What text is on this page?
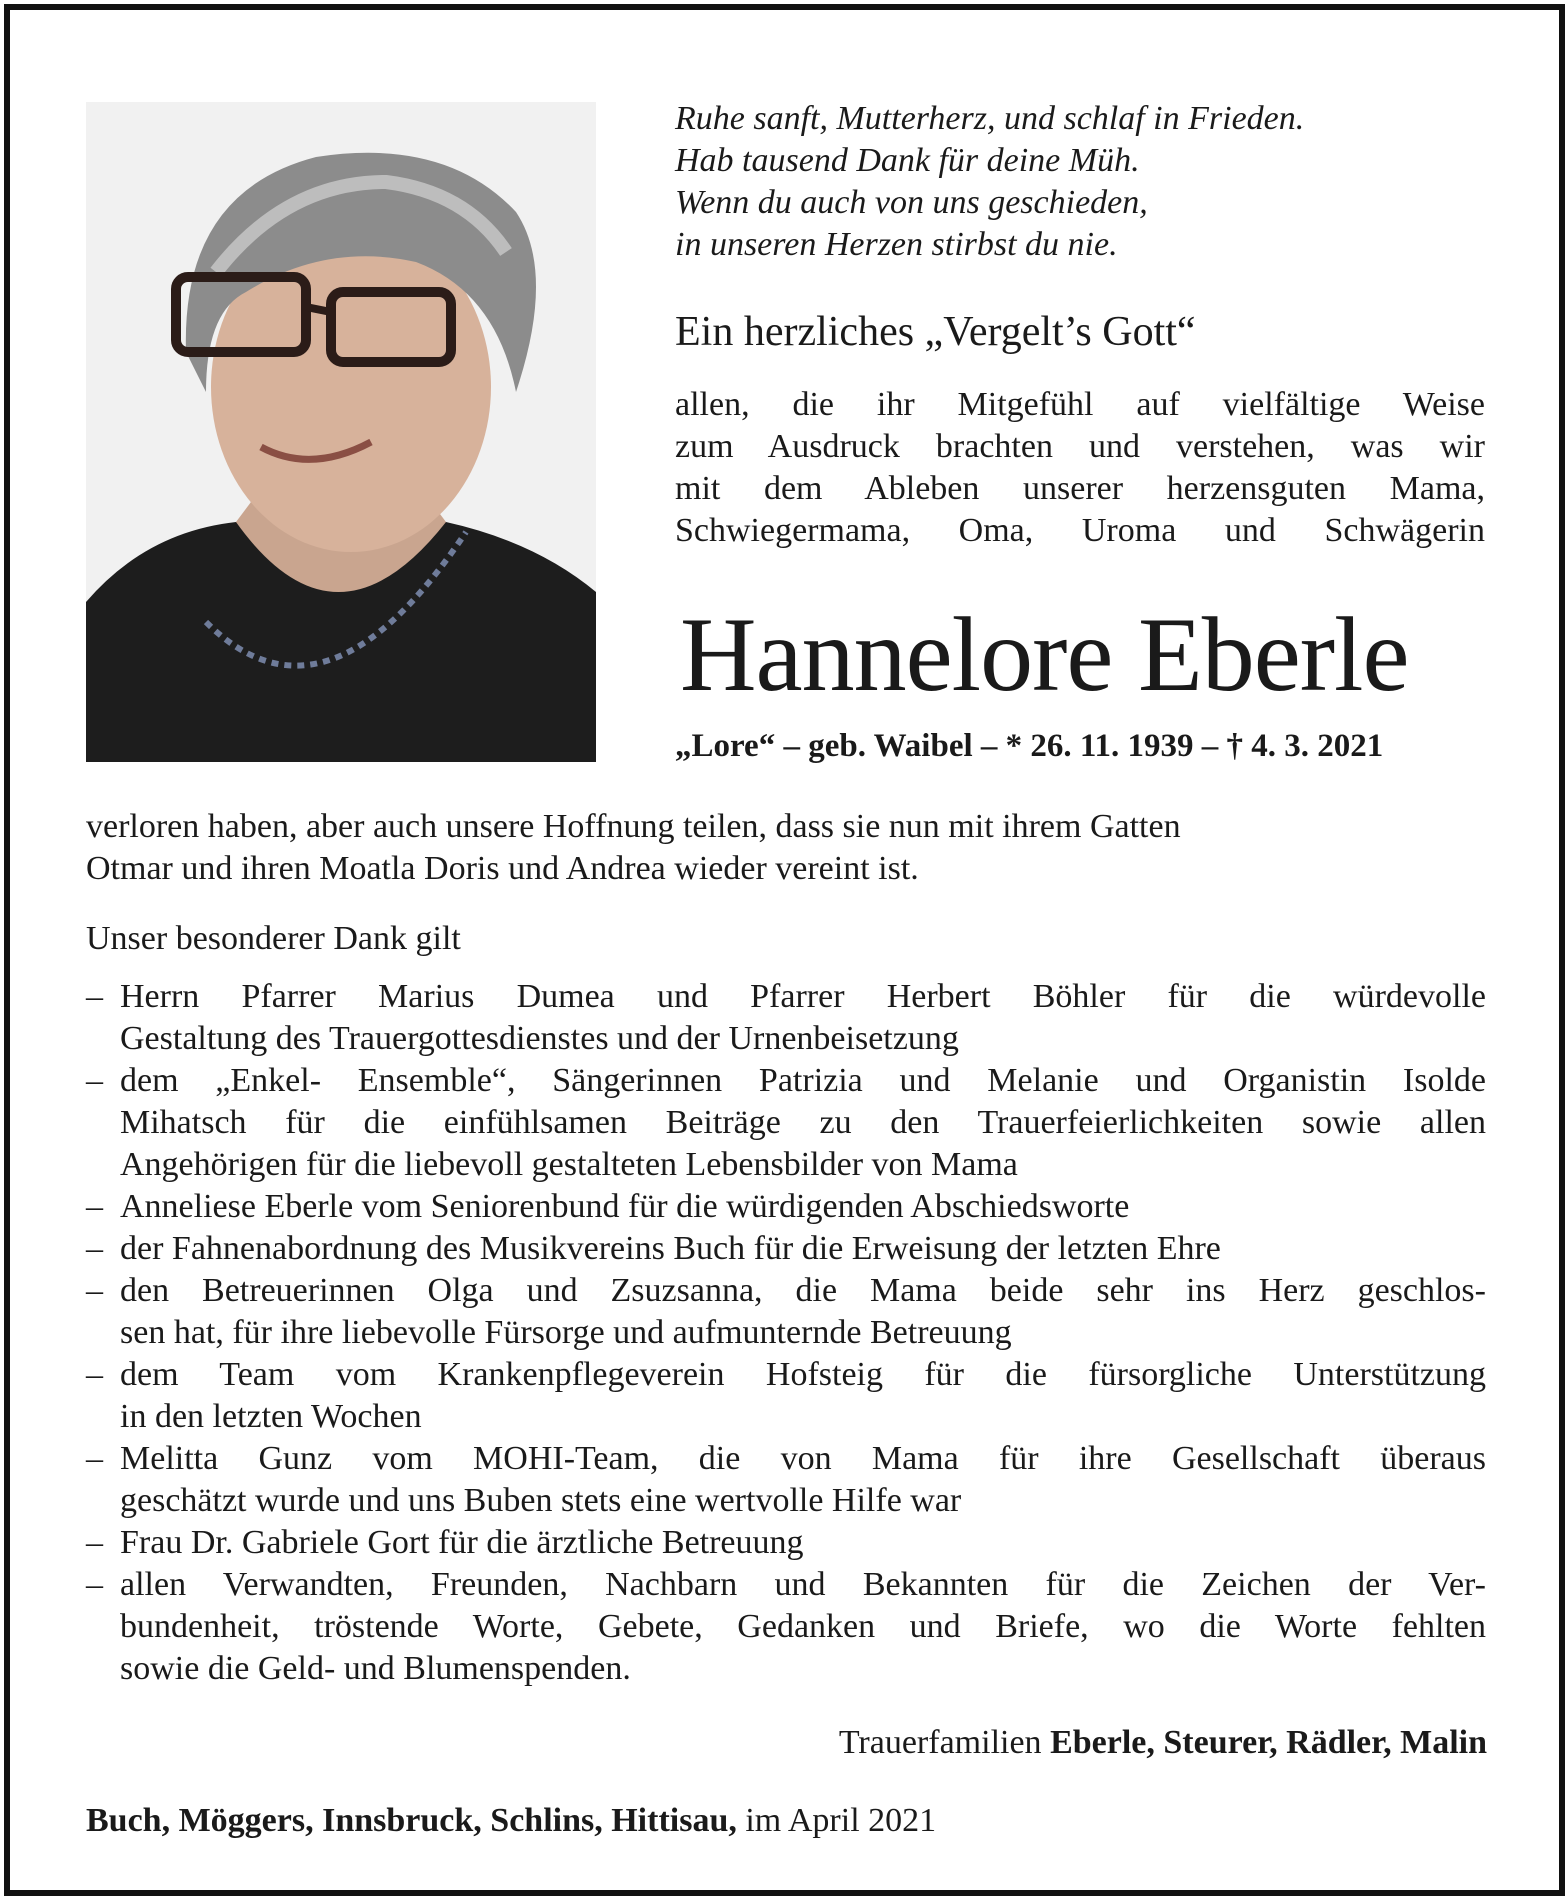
Ruhe sanft, Mutterherz, und schlaf in Frieden.
Hab tausend Dank für deine Müh.
Wenn du auch von uns geschieden,
in unseren Herzen stirbst du nie.
Ein herzliches „Vergelt’s Gott“
allen, die ihr Mitgefühl auf vielfältige Weise
zum Ausdruck brachten und verstehen, was wir
mit dem Ableben unserer herzensguten Mama,
Schwiegermama, Oma, Uroma und Schwägerin
Hannelore Eberle
„Lore“ – geb. Waibel – * 26. 11. 1939 – † 4. 3. 2021
verloren haben, aber auch unsere Hoffnung teilen, dass sie nun mit ihrem Gatten
Otmar und ihren Moatla Doris und Andrea wieder vereint ist.
Unser besonderer Dank gilt
– Herrn Pfarrer Marius Dumea und Pfarrer Herbert Böhler für die würdevolle
Gestaltung des Trauergottesdienstes und der Urnenbeisetzung
– dem „Enkel- Ensemble“, Sängerinnen Patrizia und Melanie und Organistin Isolde
Mihatsch für die einfühlsamen Beiträge zu den Trauerfeierlichkeiten sowie allen
Angehörigen für die liebevoll gestalteten Lebensbilder von Mama
– Anneliese Eberle vom Seniorenbund für die würdigenden Abschiedsworte
– der Fahnenabordnung des Musikvereins Buch für die Erweisung der letzten Ehre
– den Betreuerinnen Olga und Zsuzsanna, die Mama beide sehr ins Herz geschlos-
sen hat, für ihre liebevolle Fürsorge und aufmunternde Betreuung
– dem Team vom Krankenpflegeverein Hofsteig für die fürsorgliche Unterstützung
in den letzten Wochen
– Melitta Gunz vom MOHI-Team, die von Mama für ihre Gesellschaft überaus
geschätzt wurde und uns Buben stets eine wertvolle Hilfe war
– Frau Dr. Gabriele Gort für die ärztliche Betreuung
– allen Verwandten, Freunden, Nachbarn und Bekannten für die Zeichen der Ver-
bundenheit, tröstende Worte, Gebete, Gedanken und Briefe, wo die Worte fehlten
sowie die Geld- und Blumenspenden.
Trauerfamilien Eberle, Steurer, Rädler, Malin
Buch, Möggers, Innsbruck, Schlins, Hittisau, im April 2021
